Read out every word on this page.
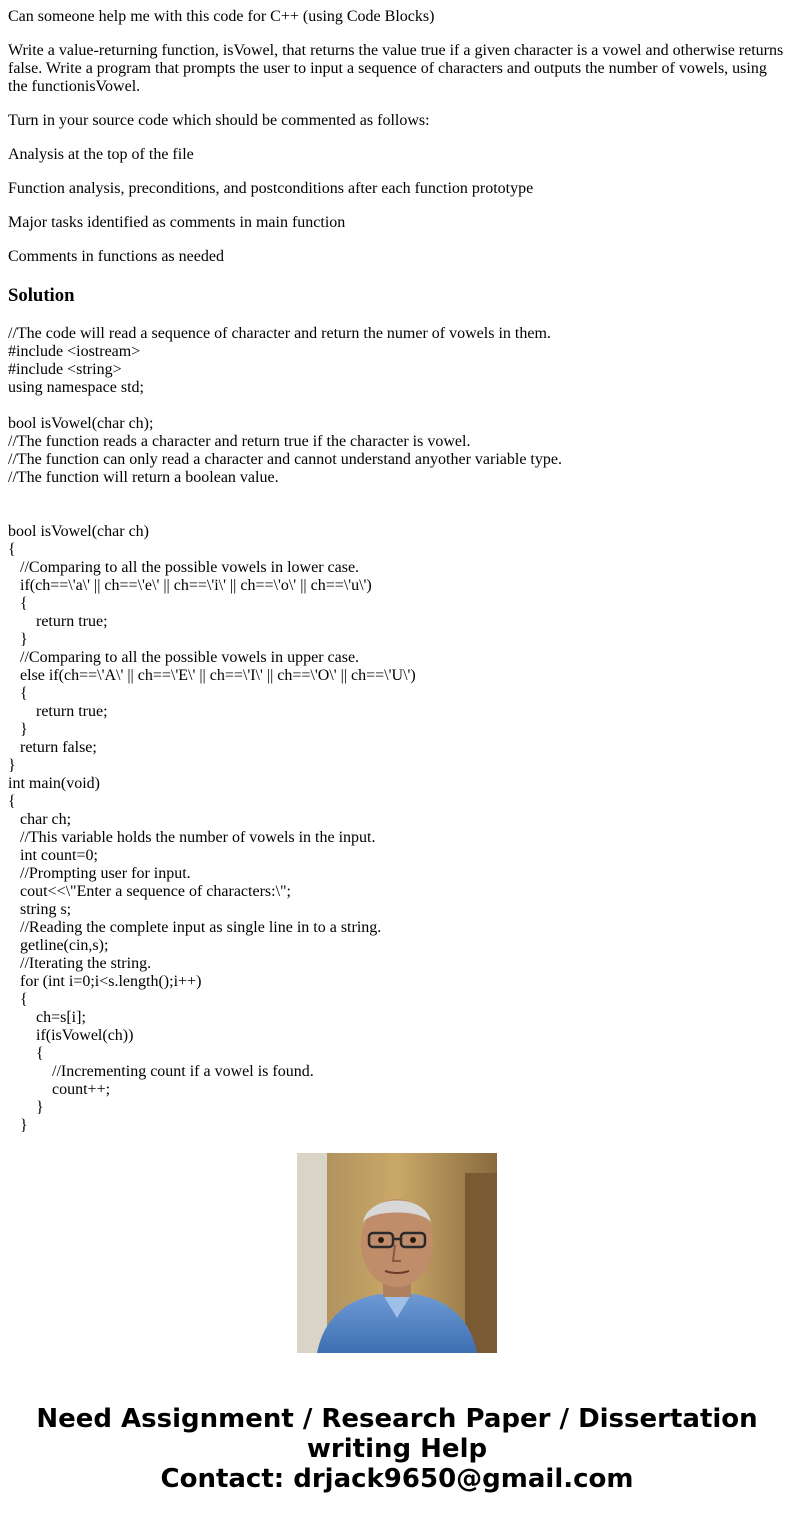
Can someone help me with this code for C++ (using Code Blocks)

Write a value-returning function, isVowel, that returns the value true if a given character is a vowel and otherwise returns false. Write a program that prompts the user to input a sequence of characters and outputs the number of vowels, using the functionisVowel.

Turn in your source code which should be commented as follows:

Analysis at the top of the file

Function analysis, preconditions, and postconditions after each function prototype

Major tasks identified as comments in main function

Comments in functions as needed

Solution
//The code will read a sequence of character and return the numer of vowels in them.
#include <iostream>
#include <string>
using namespace std;
bool isVowel(char ch);
//The function reads a character and return true if the character is vowel.
//The function can only read a character and cannot understand anyother variable type.
//The function will return a boolean value.
bool isVowel(char ch)
{
//Comparing to all the possible vowels in lower case.
if(ch==\'a\' || ch==\'e\' || ch==\'i\' || ch==\'o\' || ch==\'u\')
{
return true;
}
//Comparing to all the possible vowels in upper case.
else if(ch==\'A\' || ch==\'E\' || ch==\'I\' || ch==\'O\' || ch==\'U\')
{
return true;
}
return false;
}
int main(void)
{
char ch;
//This variable holds the number of vowels in the input.
int count=0;
//Prompting user for input.
cout<<\"Enter a sequence of characters:\";
string s;
//Reading the complete input as single line in to a string.
getline(cin,s);
//Iterating the string.
for (int i=0;i<s.length();i++)
{
ch=s[i];
if(isVowel(ch))
{
//Incrementing count if a vowel is found.
count++;
}
}
Need Assignment / Research Paper / Dissertation
writing Help
Contact: drjack9650@gmail.com
